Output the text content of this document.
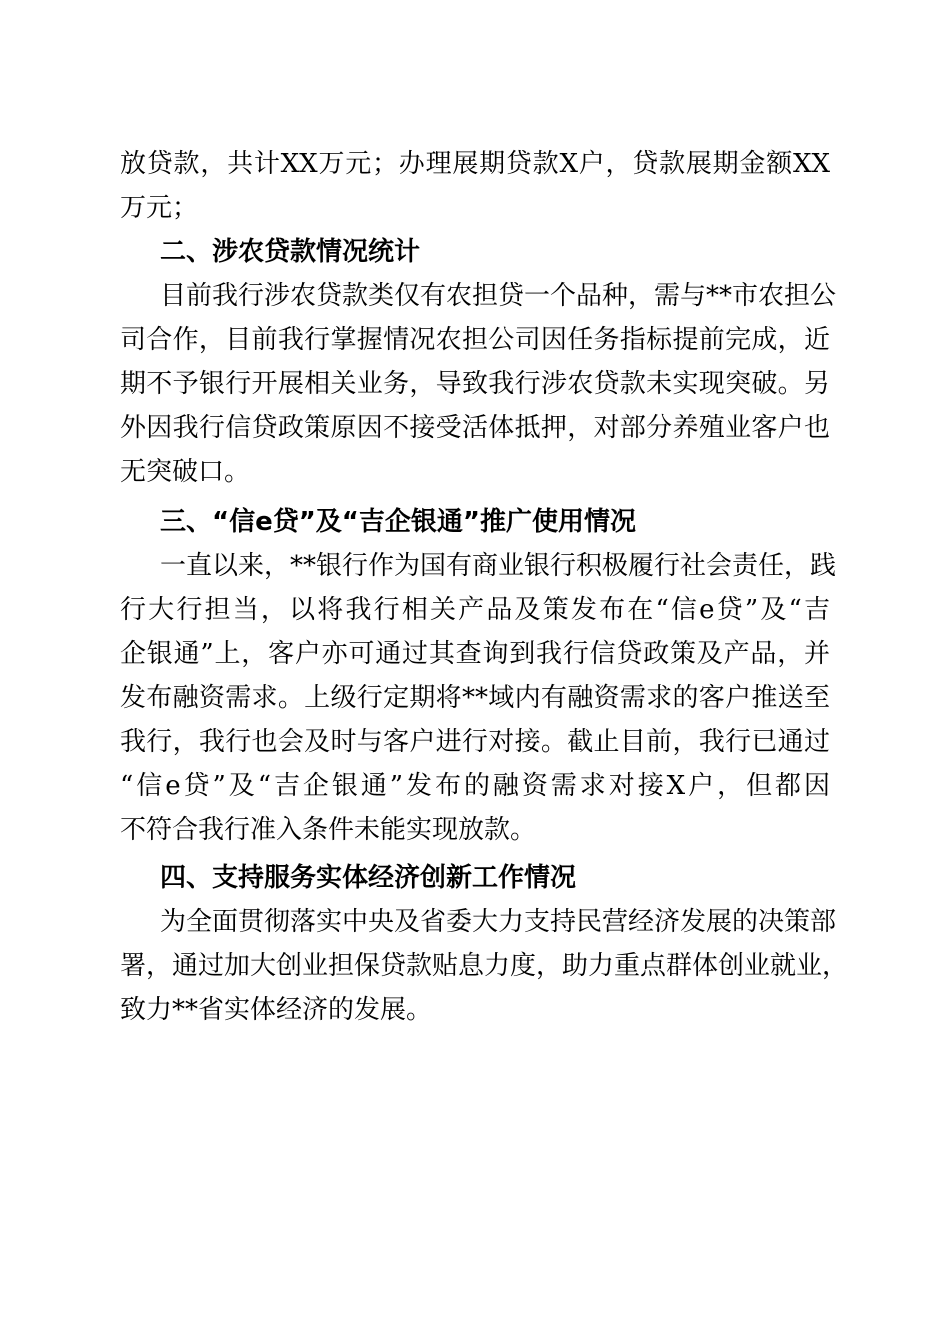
放贷款，共计XX万元；办理展期贷款X户，贷款展期金额XX
万元；
二、涉农贷款情况统计
目前我行涉农贷款类仅有农担贷一个品种，需与**市农担公
司合作，目前我行掌握情况农担公司因任务指标提前完成，近
期不予银行开展相关业务，导致我行涉农贷款未实现突破。另
外因我行信贷政策原因不接受活体抵押，对部分养殖业客户也
无突破口。
三、“信e贷”及“吉企银通”推广使用情况
一直以来，**银行作为国有商业银行积极履行社会责任，践
行大行担当，以将我行相关产品及策发布在“信e贷”及“吉
企银通”上，客户亦可通过其查询到我行信贷政策及产品，并
发布融资需求。上级行定期将**域内有融资需求的客户推送至
我行，我行也会及时与客户进行对接。截止目前，我行已通过
“信e贷”及“吉企银通”发布的融资需求对接X户，但都因
不符合我行准入条件未能实现放款。
四、支持服务实体经济创新工作情况
为全面贯彻落实中央及省委大力支持民营经济发展的决策部
署，通过加大创业担保贷款贴息力度，助力重点群体创业就业，
致力**省实体经济的发展。
